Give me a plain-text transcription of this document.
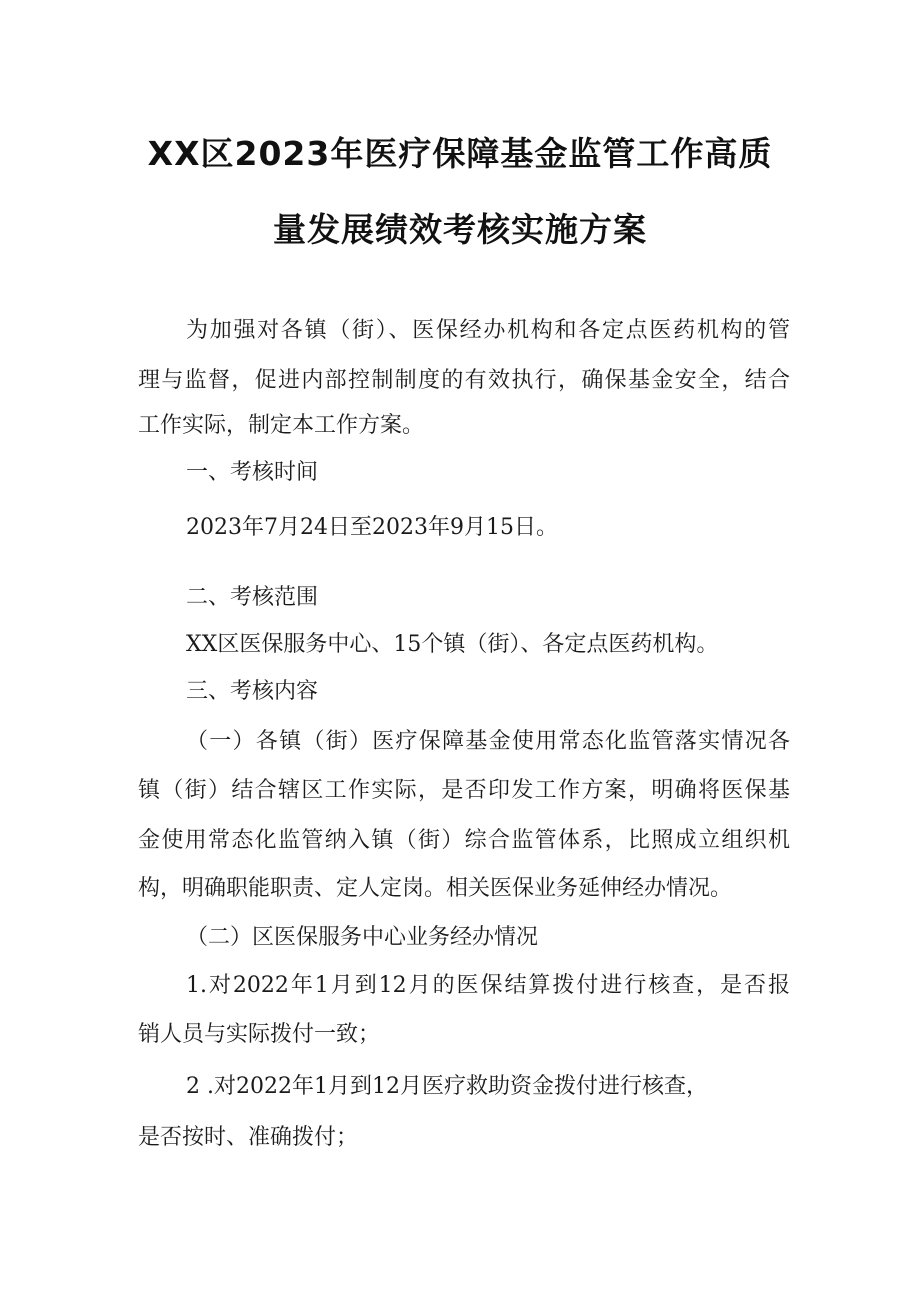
XX区2023年医疗保障基金监管工作高质
量发展绩效考核实施方案
为加强对各镇（街）、医保经办机构和各定点医药机构的管
理与监督，促进内部控制制度的有效执行，确保基金安全，结合
工作实际，制定本工作方案。
一、考核时间
2023年7月24日至2023年9月15日。
二、考核范围
XX区医保服务中心、15个镇（街）、各定点医药机构。
三、考核内容
（一）各镇（街）医疗保障基金使用常态化监管落实情况各
镇（街）结合辖区工作实际，是否印发工作方案，明确将医保基
金使用常态化监管纳入镇（街）综合监管体系，比照成立组织机
构，明确职能职责、定人定岗。相关医保业务延伸经办情况。
（二）区医保服务中心业务经办情况
1.对2022年1月到12月的医保结算拨付进行核查，是否报
销人员与实际拨付一致；
2 .对2022年1月到12月医疗救助资金拨付进行核查，
是否按时、准确拨付；
